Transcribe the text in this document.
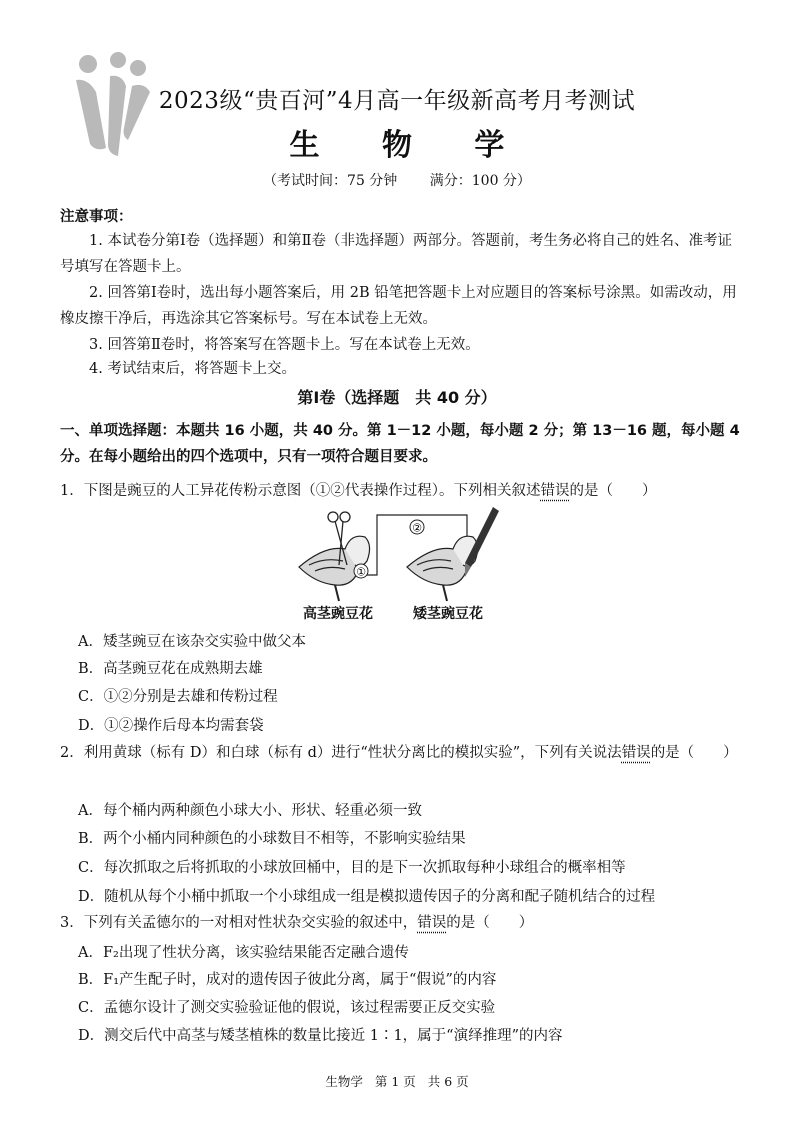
2023级“贵百河”4月高一年级新高考月考测试
生 物 学
（考试时间：75 分钟 满分：100 分）
注意事项：

1. 本试卷分第Ⅰ卷（选择题）和第Ⅱ卷（非选择题）两部分。答题前，考生务必将自己的姓名、准考证号填写在答题卡上。

2. 回答第Ⅰ卷时，选出每小题答案后，用 2B 铅笔把答题卡上对应题目的答案标号涂黑。如需改动，用橡皮擦干净后，再选涂其它答案标号。写在本试卷上无效。

3. 回答第Ⅱ卷时，将答案写在答题卡上。写在本试卷上无效。

4. 考试结束后，将答题卡上交。

第Ⅰ卷（选择题　共 40 分）
一、单项选择题：本题共 16 小题，共 40 分。第 1－12 小题，每小题 2 分；第 13－16 题，每小题 4 分。在每小题给出的四个选项中，只有一项符合题目要求。

1．下图是豌豆的人工异花传粉示意图（①②代表操作过程）。下列相关叙述错误的是（　　）

①
②
高茎豌豆花	矮茎豌豆花
A．矮茎豌豆在该杂交实验中做父本
B．高茎豌豆花在成熟期去雄
C．①②分别是去雄和传粉过程
D．①②操作后母本均需套袋

2．利用黄球（标有 D）和白球（标有 d）进行“性状分离比的模拟实验”，下列有关说法错误的是（　　）

A．每个桶内两种颜色小球大小、形状、轻重必须一致
B．两个小桶内同种颜色的小球数目不相等，不影响实验结果
C．每次抓取之后将抓取的小球放回桶中，目的是下一次抓取每种小球组合的概率相等
D．随机从每个小桶中抓取一个小球组成一组是模拟遗传因子的分离和配子随机结合的过程

3．下列有关孟德尔的一对相对性状杂交实验的叙述中，错误的是（　　）

A．F₂出现了性状分离，该实验结果能否定融合遗传
B．F₁产生配子时，成对的遗传因子彼此分离，属于“假说”的内容
C．孟德尔设计了测交实验验证他的假说，该过程需要正反交实验
D．测交后代中高茎与矮茎植株的数量比接近 1∶1，属于“演绎推理”的内容
生物学 第 1 页 共 6 页
